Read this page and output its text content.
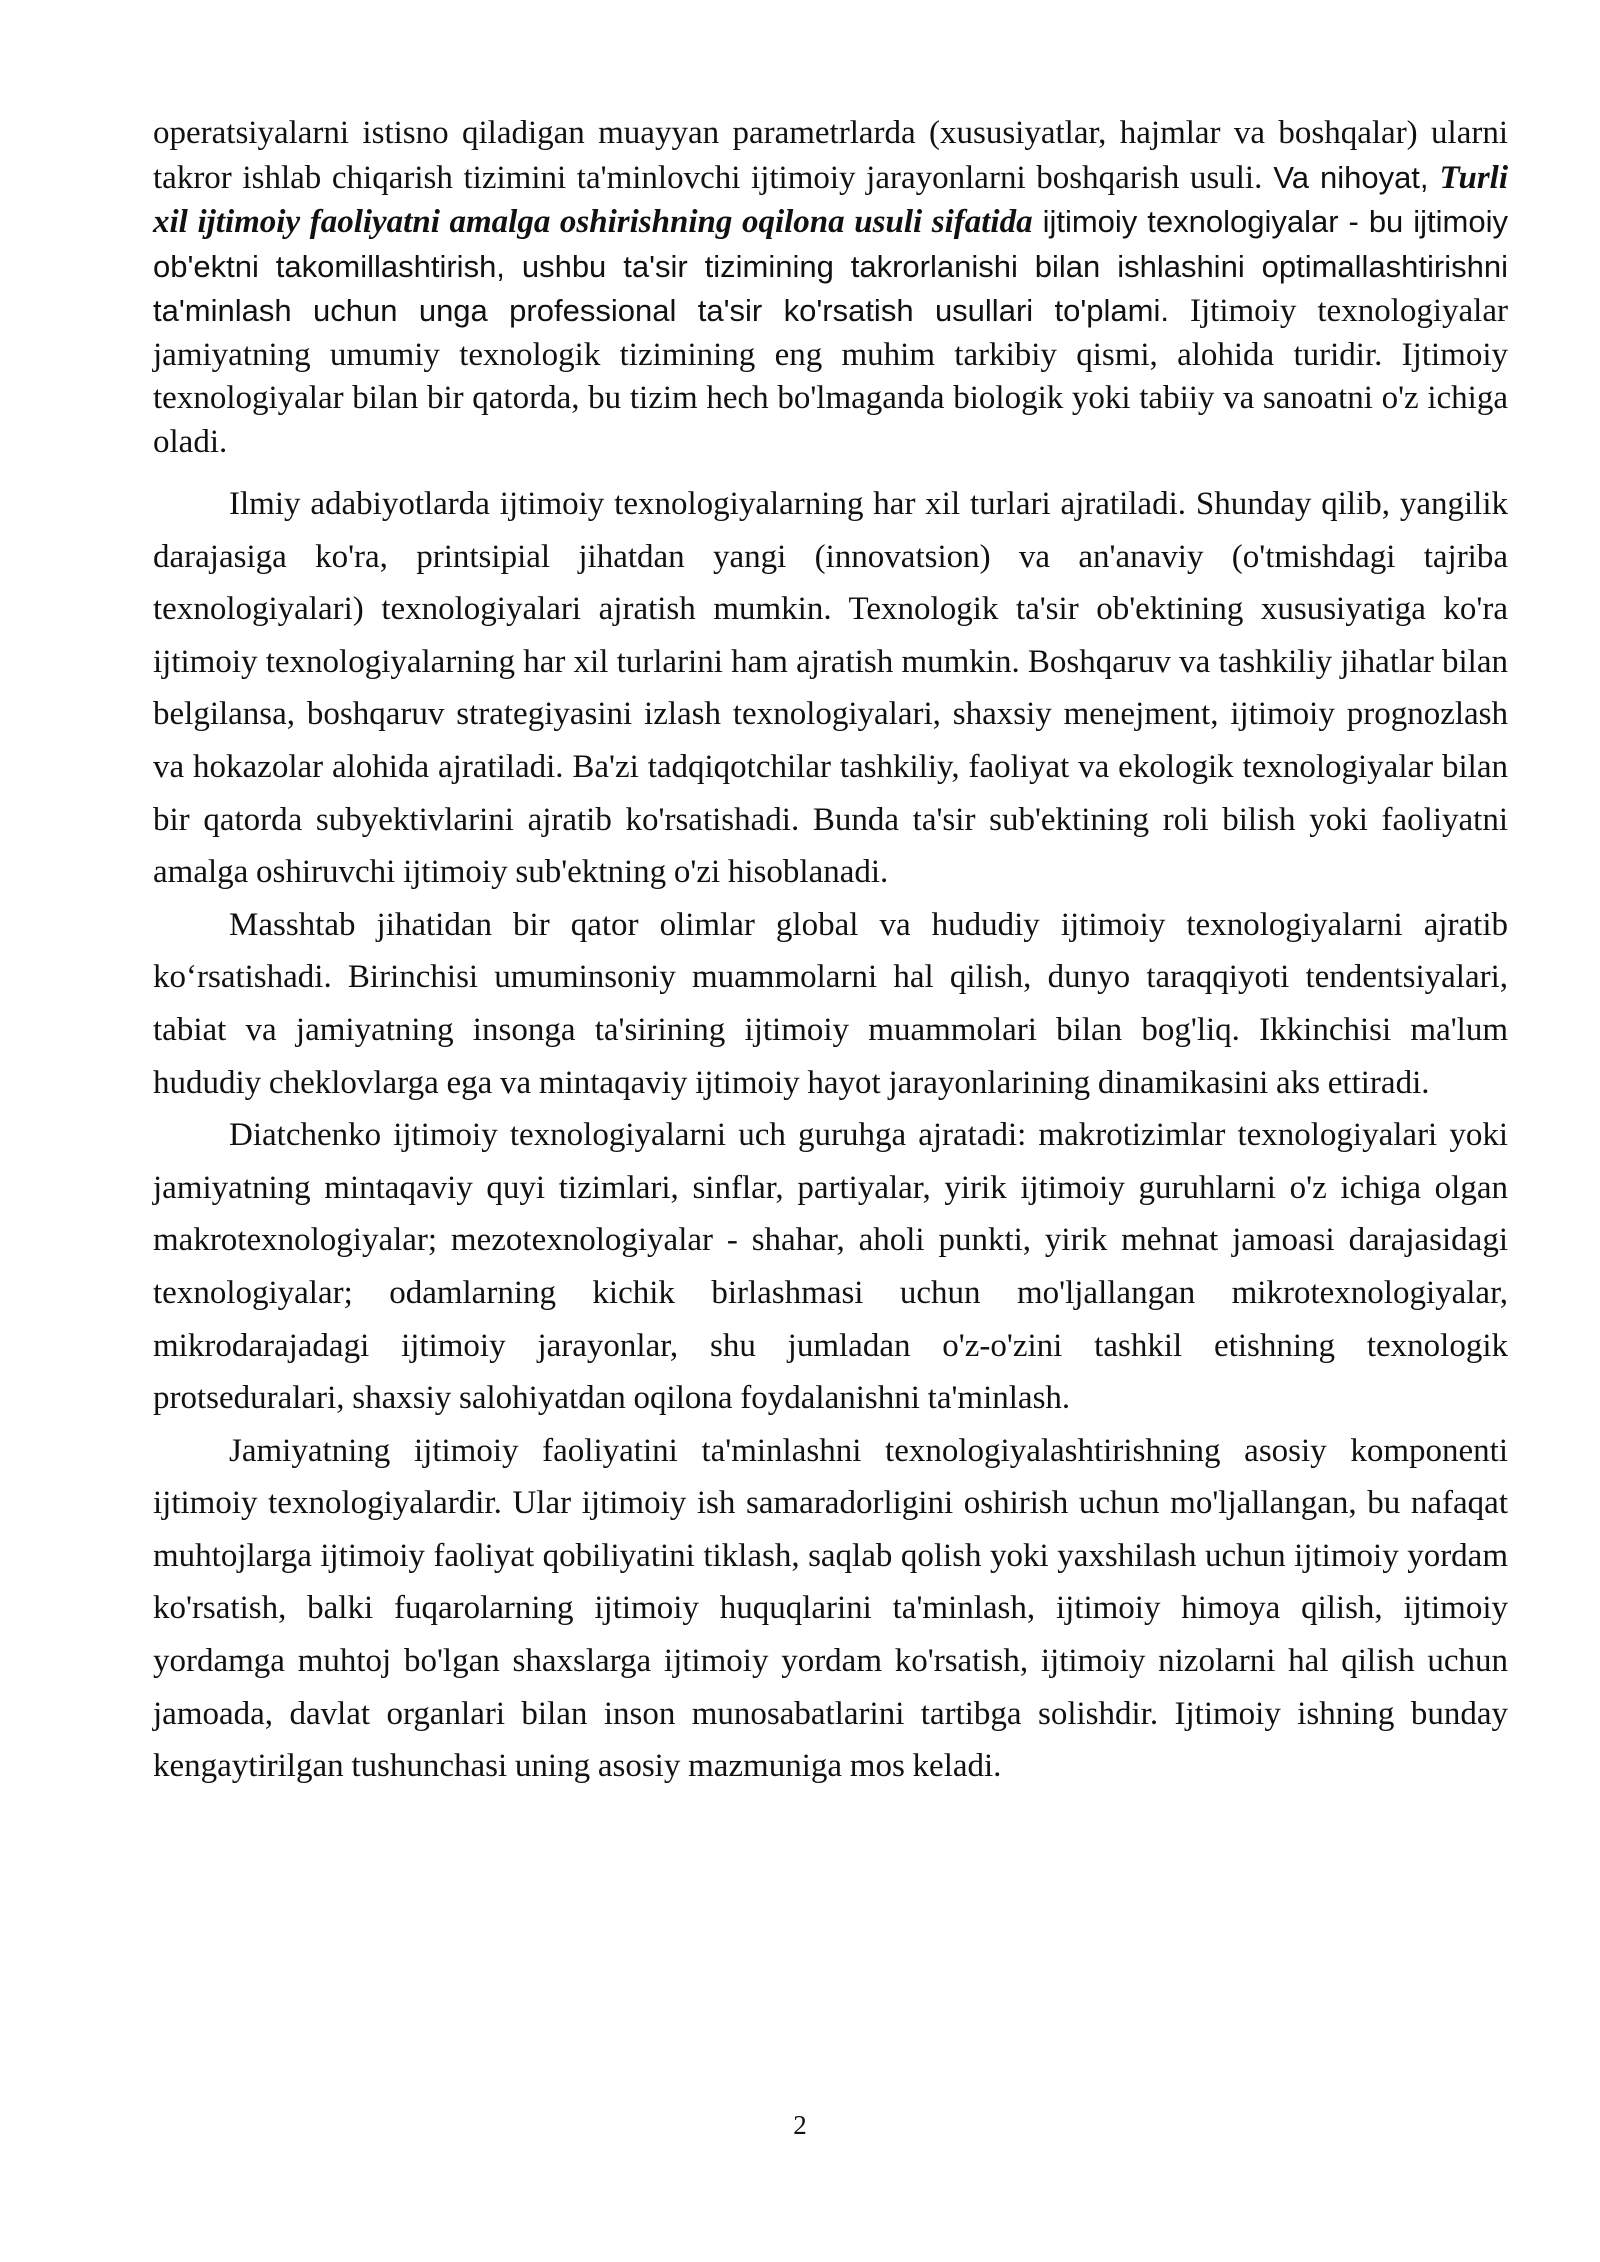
operatsiyalarni istisno qiladigan muayyan parametrlarda (xususiyatlar, hajmlar va boshqalar) ularni takror ishlab chiqarish tizimini ta'minlovchi ijtimoiy jarayonlarni boshqarish usuli. Va nihoyat, Turli xil ijtimoiy faoliyatni amalga oshirishning oqilona usuli sifatida ijtimoiy texnologiyalar - bu ijtimoiy ob'ektni takomillashtirish, ushbu ta'sir tizimining takrorlanishi bilan ishlashini optimallashtirishni ta'minlash uchun unga professional ta'sir ko'rsatish usullari to'plami. Ijtimoiy texnologiyalar jamiyatning umumiy texnologik tizimining eng muhim tarkibiy qismi, alohida turidir. Ijtimoiy texnologiyalar bilan bir qatorda, bu tizim hech bo'lmaganda biologik yoki tabiiy va sanoatni o'z ichiga oladi.

Ilmiy adabiyotlarda ijtimoiy texnologiyalarning har xil turlari ajratiladi. Shunday qilib, yangilik darajasiga ko'ra, printsipial jihatdan yangi (innovatsion) va an'anaviy (o'tmishdagi tajriba texnologiyalari) texnologiyalari ajratish mumkin. Texnologik ta'sir ob'ektining xususiyatiga ko'ra ijtimoiy texnologiyalarning har xil turlarini ham ajratish mumkin. Boshqaruv va tashkiliy jihatlar bilan belgilansa, boshqaruv strategiyasini izlash texnologiyalari, shaxsiy menejment, ijtimoiy prognozlash va hokazolar alohida ajratiladi. Ba'zi tadqiqotchilar tashkiliy, faoliyat va ekologik texnologiyalar bilan bir qatorda subyektivlarini ajratib ko'rsatishadi. Bunda ta'sir sub'ektining roli bilish yoki faoliyatni amalga oshiruvchi ijtimoiy sub'ektning o'zi hisoblanadi.

Masshtab jihatidan bir qator olimlar global va hududiy ijtimoiy texnologiyalarni ajratib ko‘rsatishadi. Birinchisi umuminsoniy muammolarni hal qilish, dunyo taraqqiyoti tendentsiyalari, tabiat va jamiyatning insonga ta'sirining ijtimoiy muammolari bilan bog'liq. Ikkinchisi ma'lum hududiy cheklovlarga ega va mintaqaviy ijtimoiy hayot jarayonlarining dinamikasini aks ettiradi.

Diatchenko ijtimoiy texnologiyalarni uch guruhga ajratadi: makrotizimlar texnologiyalari yoki jamiyatning mintaqaviy quyi tizimlari, sinflar, partiyalar, yirik ijtimoiy guruhlarni o'z ichiga olgan makrotexnologiyalar; mezotexnologiyalar - shahar, aholi punkti, yirik mehnat jamoasi darajasidagi texnologiyalar; odamlarning kichik birlashmasi uchun mo'ljallangan mikrotexnologiyalar, mikrodarajadagi ijtimoiy jarayonlar, shu jumladan o'z-o'zini tashkil etishning texnologik protseduralari, shaxsiy salohiyatdan oqilona foydalanishni ta'minlash.

Jamiyatning ijtimoiy faoliyatini ta'minlashni texnologiyalashtirishning asosiy komponenti ijtimoiy texnologiyalardir. Ular ijtimoiy ish samaradorligini oshirish uchun mo'ljallangan, bu nafaqat muhtojlarga ijtimoiy faoliyat qobiliyatini tiklash, saqlab qolish yoki yaxshilash uchun ijtimoiy yordam ko'rsatish, balki fuqarolarning ijtimoiy huquqlarini ta'minlash, ijtimoiy himoya qilish, ijtimoiy yordamga muhtoj bo'lgan shaxslarga ijtimoiy yordam ko'rsatish, ijtimoiy nizolarni hal qilish uchun jamoada, davlat organlari bilan inson munosabatlarini tartibga solishdir. Ijtimoiy ishning bunday kengaytirilgan tushunchasi uning asosiy mazmuniga mos keladi.

2
